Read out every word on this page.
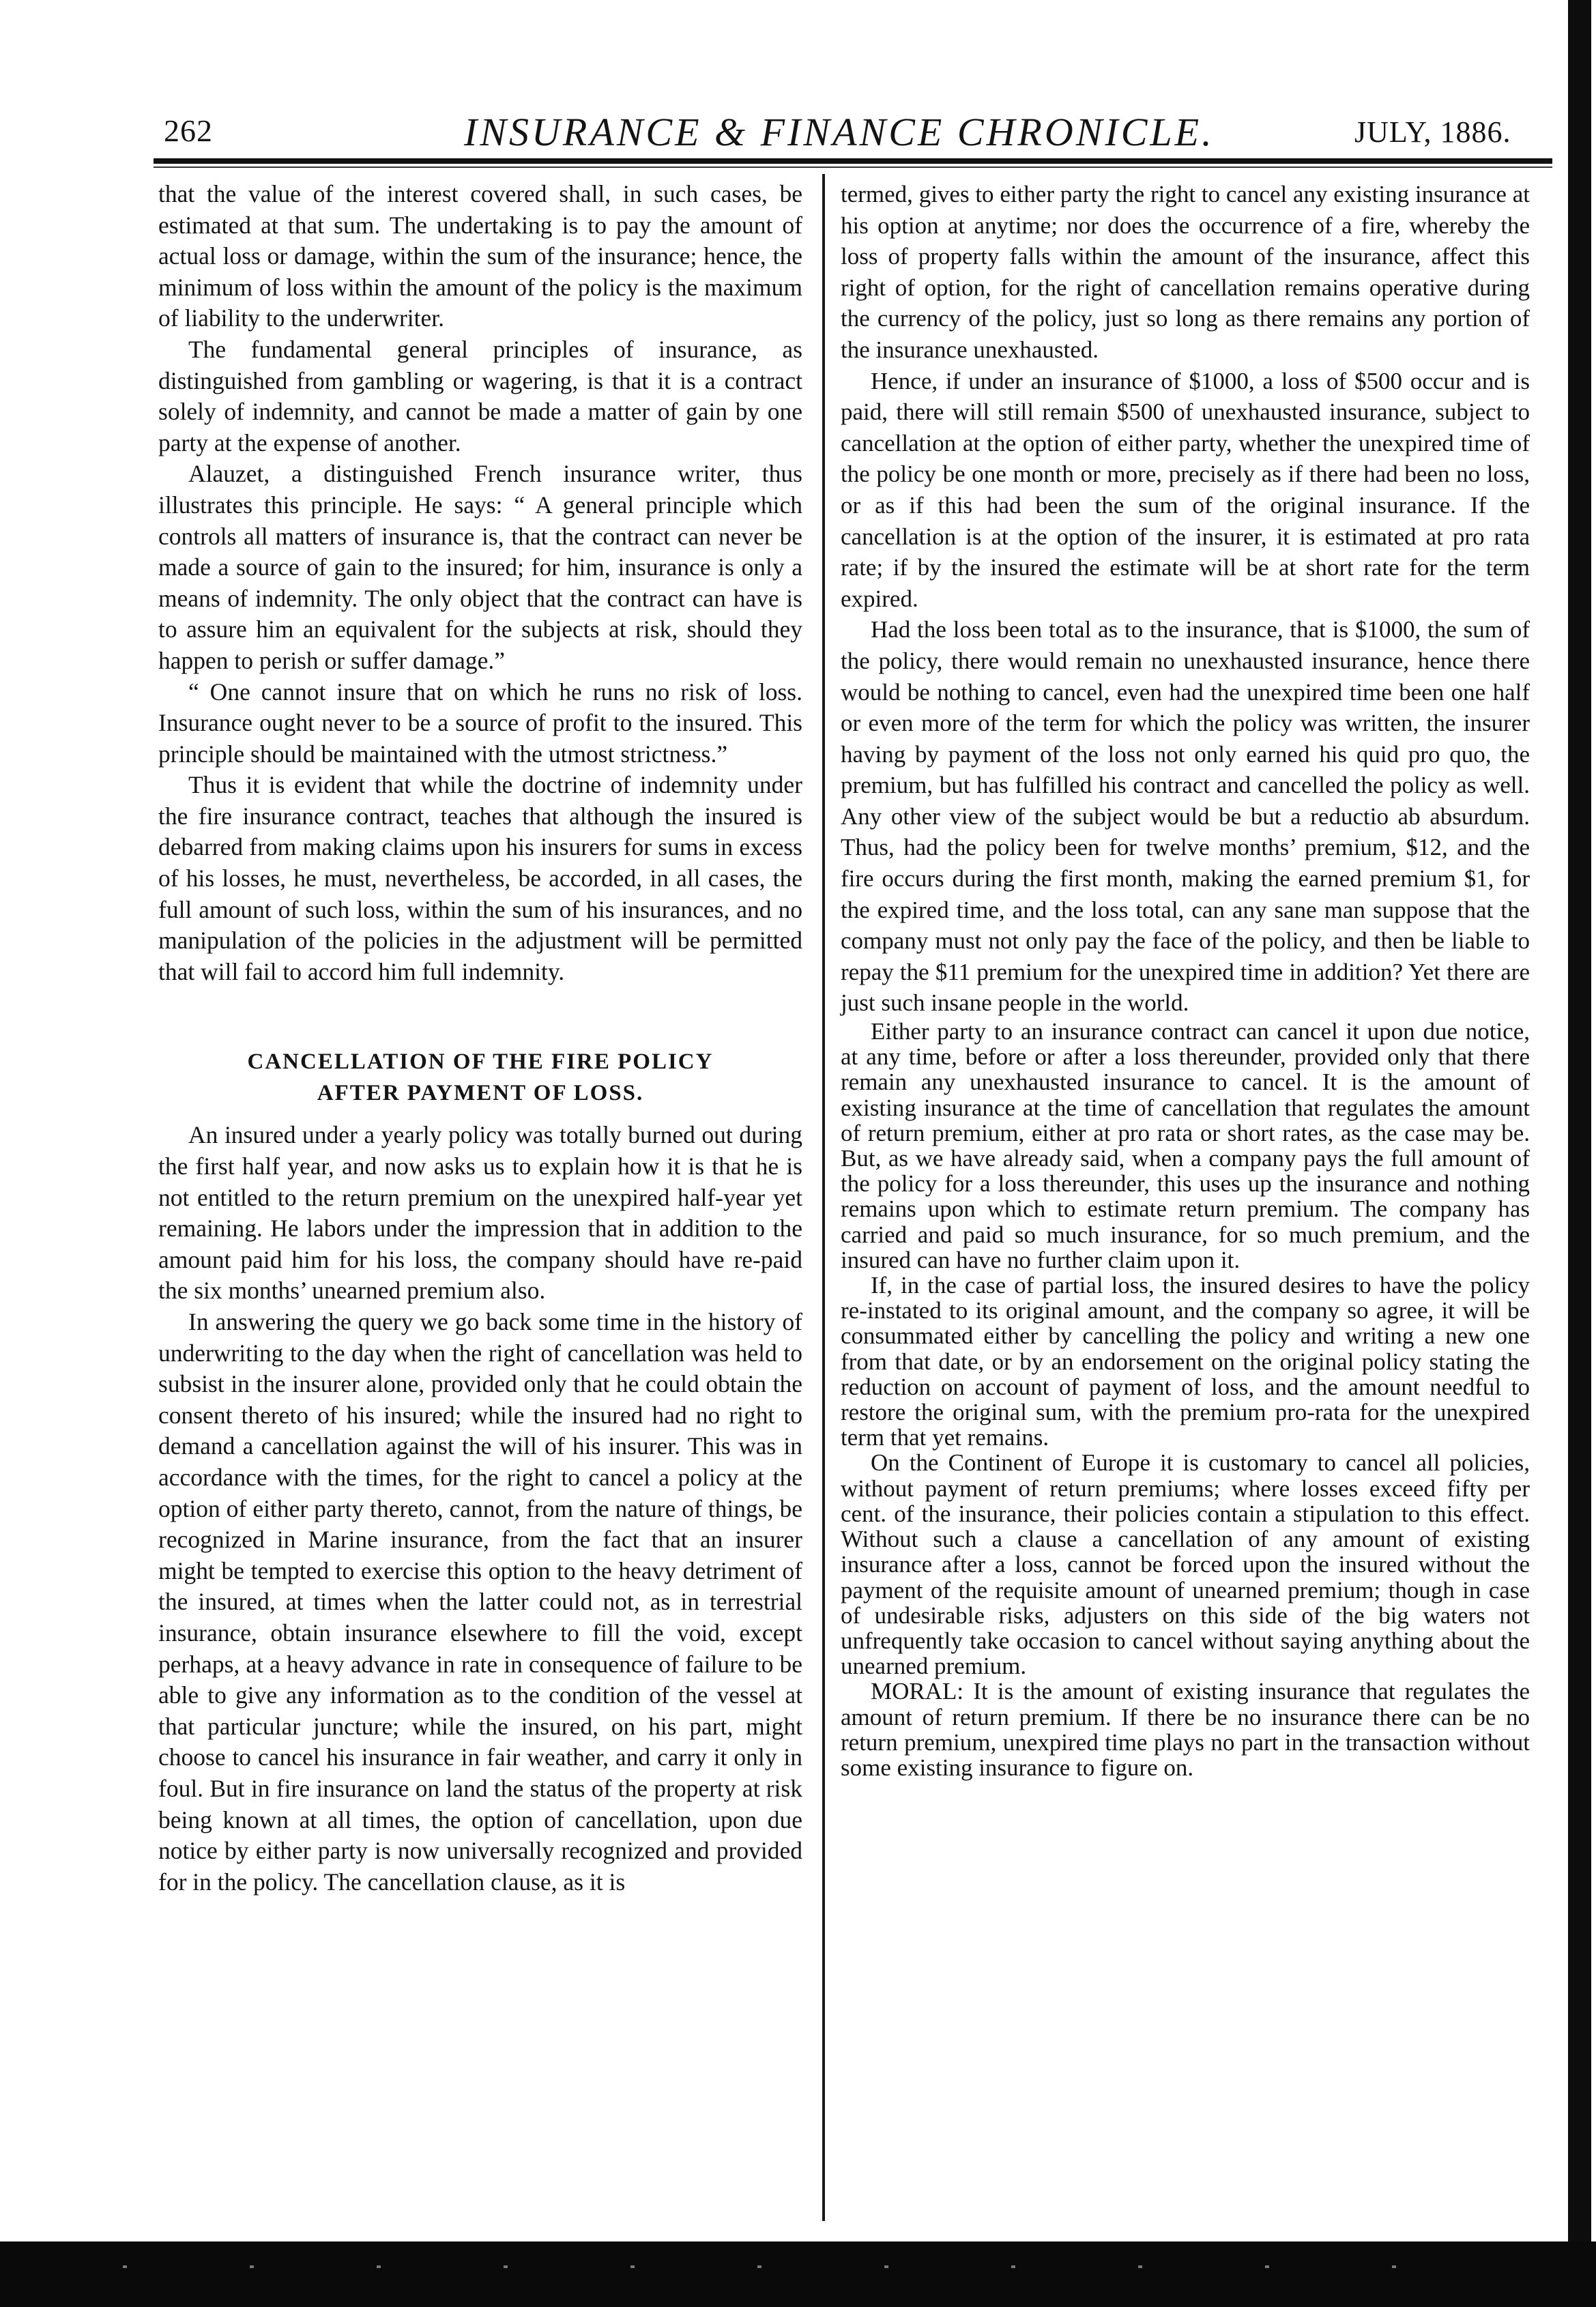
262	INSURANCE & FINANCE CHRONICLE.	JULY, 1886.

that the value of the interest covered shall, in such cases, be estimated at that sum. The undertaking is to pay the amount of actual loss or damage, within the sum of the insurance; hence, the minimum of loss within the amount of the policy is the maximum of liability to the underwriter.

The fundamental general principles of insurance, as distinguished from gambling or wagering, is that it is a contract solely of indemnity, and cannot be made a matter of gain by one party at the expense of another.

Alauzet, a distinguished French insurance writer, thus illustrates this principle. He says: “ A general principle which controls all matters of insurance is, that the contract can never be made a source of gain to the insured; for him, insurance is only a means of indemnity. The only object that the contract can have is to assure him an equivalent for the subjects at risk, should they happen to perish or suffer damage.”

“ One cannot insure that on which he runs no risk of loss. Insurance ought never to be a source of profit to the insured. This principle should be maintained with the utmost strictness.”

Thus it is evident that while the doctrine of indemnity under the fire insurance contract, teaches that although the insured is debarred from making claims upon his insurers for sums in excess of his losses, he must, nevertheless, be accorded, in all cases, the full amount of such loss, within the sum of his insurances, and no manipulation of the policies in the adjustment will be permitted that will fail to accord him full indemnity.

CANCELLATION OF THE FIRE POLICY
AFTER PAYMENT OF LOSS.

An insured under a yearly policy was totally burned out during the first half year, and now asks us to explain how it is that he is not entitled to the return premium on the unexpired half-year yet remaining. He labors under the impression that in addition to the amount paid him for his loss, the company should have re-paid the six months’ unearned premium also.

In answering the query we go back some time in the history of underwriting to the day when the right of cancellation was held to subsist in the insurer alone, provided only that he could obtain the consent thereto of his insured; while the insured had no right to demand a cancellation against the will of his insurer. This was in accordance with the times, for the right to cancel a policy at the option of either party thereto, cannot, from the nature of things, be recognized in Marine insurance, from the fact that an insurer might be tempted to exercise this option to the heavy detriment of the insured, at times when the latter could not, as in terrestrial insurance, obtain insurance elsewhere to fill the void, except perhaps, at a heavy advance in rate in consequence of failure to be able to give any information as to the condition of the vessel at that particular juncture; while the insured, on his part, might choose to cancel his insurance in fair weather, and carry it only in foul. But in fire insurance on land the status of the property at risk being known at all times, the option of cancellation, upon due notice by either party is now universally recognized and provided for in the policy. The cancellation clause, as it is

termed, gives to either party the right to cancel any existing insurance at his option at anytime; nor does the occurrence of a fire, whereby the loss of property falls within the amount of the insurance, affect this right of option, for the right of cancellation remains operative during the currency of the policy, just so long as there remains any portion of the insurance unexhausted.

Hence, if under an insurance of $1000, a loss of $500 occur and is paid, there will still remain $500 of unexhausted insurance, subject to cancellation at the option of either party, whether the unexpired time of the policy be one month or more, precisely as if there had been no loss, or as if this had been the sum of the original insurance. If the cancellation is at the option of the insurer, it is estimated at pro rata rate; if by the insured the estimate will be at short rate for the term expired.

Had the loss been total as to the insurance, that is $1000, the sum of the policy, there would remain no unexhausted insurance, hence there would be nothing to cancel, even had the unexpired time been one half or even more of the term for which the policy was written, the insurer having by payment of the loss not only earned his quid pro quo, the premium, but has fulfilled his contract and cancelled the policy as well. Any other view of the subject would be but a reductio ab absurdum. Thus, had the policy been for twelve months’ premium, $12, and the fire occurs during the first month, making the earned premium $1, for the expired time, and the loss total, can any sane man suppose that the company must not only pay the face of the policy, and then be liable to repay the $11 premium for the unexpired time in addition? Yet there are just such insane people in the world.

Either party to an insurance contract can cancel it upon due notice, at any time, before or after a loss thereunder, provided only that there remain any unexhausted insurance to cancel. It is the amount of existing insurance at the time of cancellation that regulates the amount of return premium, either at pro rata or short rates, as the case may be. But, as we have already said, when a company pays the full amount of the policy for a loss thereunder, this uses up the insurance and nothing remains upon which to estimate return premium. The company has carried and paid so much insurance, for so much premium, and the insured can have no further claim upon it.

If, in the case of partial loss, the insured desires to have the policy re-instated to its original amount, and the company so agree, it will be consummated either by cancelling the policy and writing a new one from that date, or by an endorsement on the original policy stating the reduction on account of payment of loss, and the amount needful to restore the original sum, with the premium pro-rata for the unexpired term that yet remains.

On the Continent of Europe it is customary to cancel all policies, without payment of return premiums; where losses exceed fifty per cent. of the insurance, their policies contain a stipulation to this effect. Without such a clause a cancellation of any amount of existing insurance after a loss, cannot be forced upon the insured without the payment of the requisite amount of unearned premium; though in case of undesirable risks, adjusters on this side of the big waters not unfrequently take occasion to cancel without saying anything about the unearned premium.

MORAL: It is the amount of existing insurance that regulates the amount of return premium. If there be no insurance there can be no return premium, unexpired time plays no part in the transaction without some existing insurance to figure on.
